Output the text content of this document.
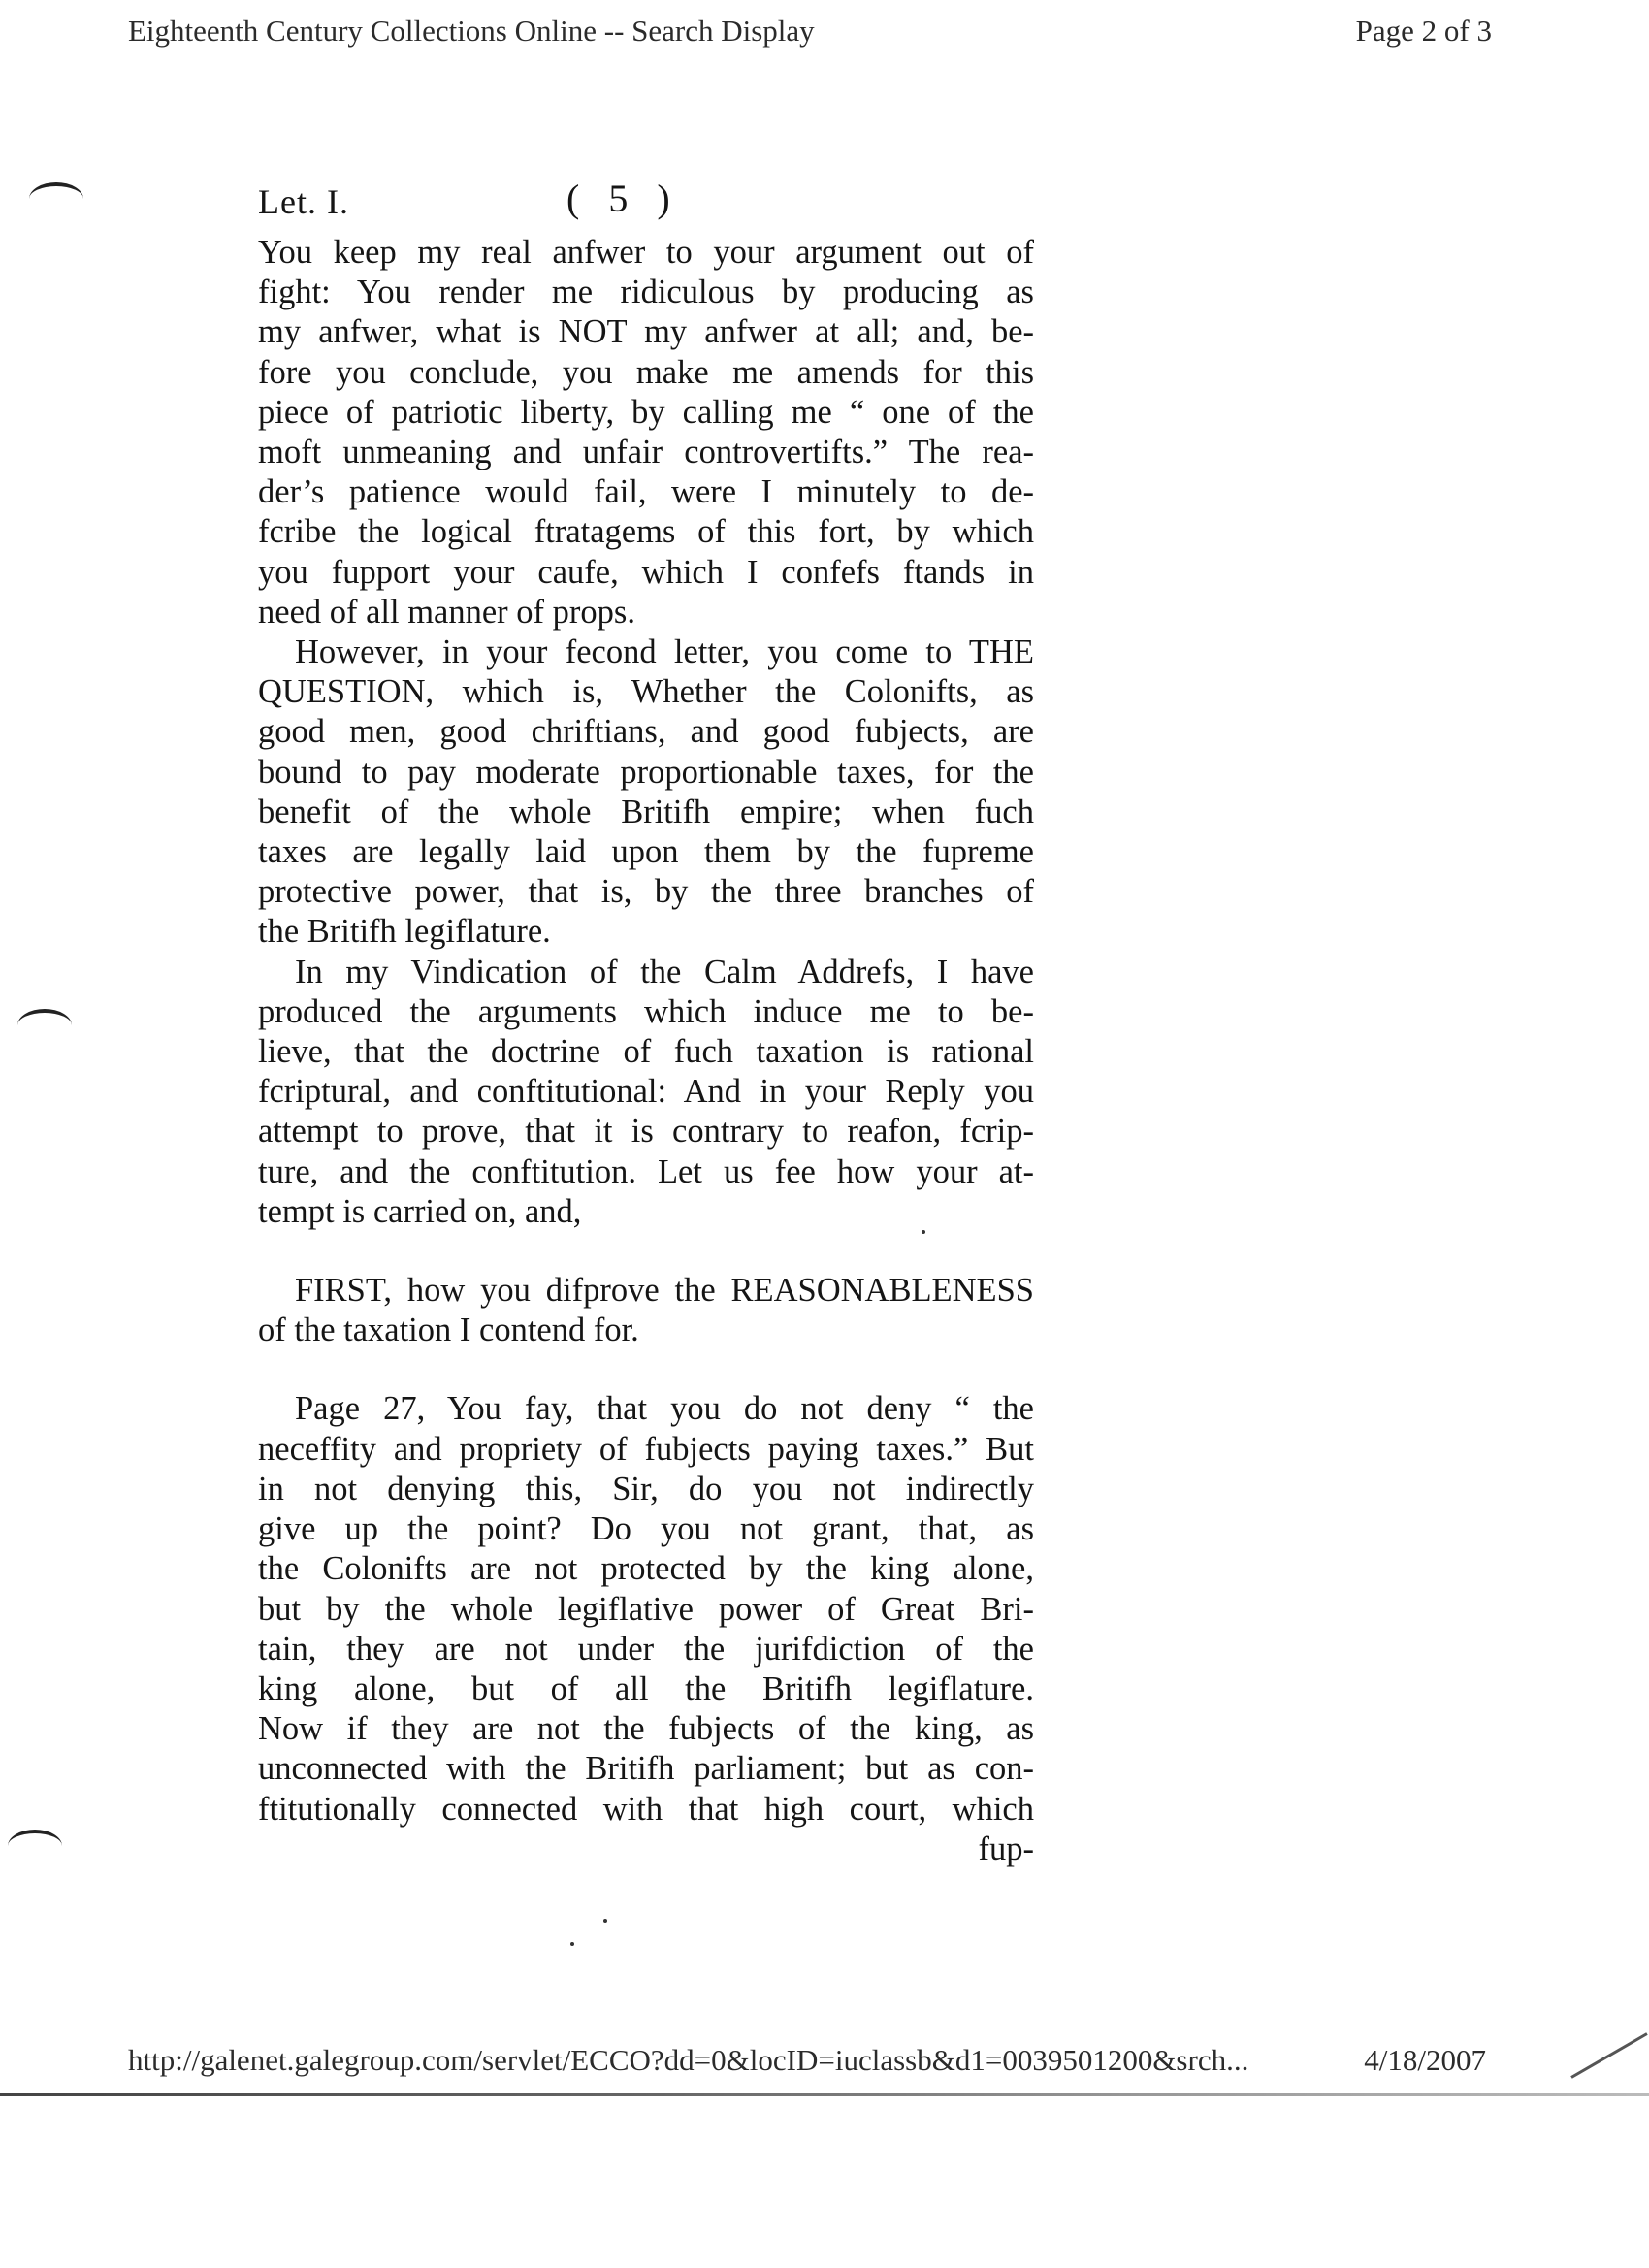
Eighteenth Century Collections Online -- Search Display	Page 2 of 3
Let. I.	( 5 )
You keep my real anfwer to your argument out of
fight: You render me ridiculous by producing as
my anfwer, what is NOT my anfwer at all; and, be-
fore you conclude, you make me amends for this
piece of patriotic liberty, by calling me “ one of the
moft unmeaning and unfair controvertifts.” The rea-
der’s patience would fail, were I minutely to de-
fcribe the logical ftratagems of this fort, by which
you fupport your caufe, which I confefs ftands in
need of all manner of props.
However, in your fecond letter, you come to THE
QUESTION, which is, Whether the Colonifts, as
good men, good chriftians, and good fubjects, are
bound to pay moderate proportionable taxes, for the
benefit of the whole Britifh empire; when fuch
taxes are legally laid upon them by the fupreme
protective power, that is, by the three branches of
the Britifh legiflature.
In my Vindication of the Calm Addrefs, I have
produced the arguments which induce me to be-
lieve, that the doctrine of fuch taxation is rational
fcriptural, and conftitutional: And in your Reply you
attempt to prove, that it is contrary to reafon, fcrip-
ture, and the conftitution. Let us fee how your at-
tempt is carried on, and,
FIRST, how you difprove the REASONABLENESS
of the taxation I contend for.
Page 27, You fay, that you do not deny “ the
neceffity and propriety of fubjects paying taxes.” But
in not denying this, Sir, do you not indirectly
give up the point? Do you not grant, that, as
the Colonifts are not protected by the king alone,
but by the whole legiflative power of Great Bri-
tain, they are not under the jurifdiction of the
king alone, but of all the Britifh legiflature.
Now if they are not the fubjects of the king, as
unconnected with the Britifh parliament; but as con-
ftitutionally connected with that high court, which
fup-
http://galenet.galegroup.com/servlet/ECCO?dd=0&locID=iuclassb&d1=0039501200&srch...	4/18/2007
